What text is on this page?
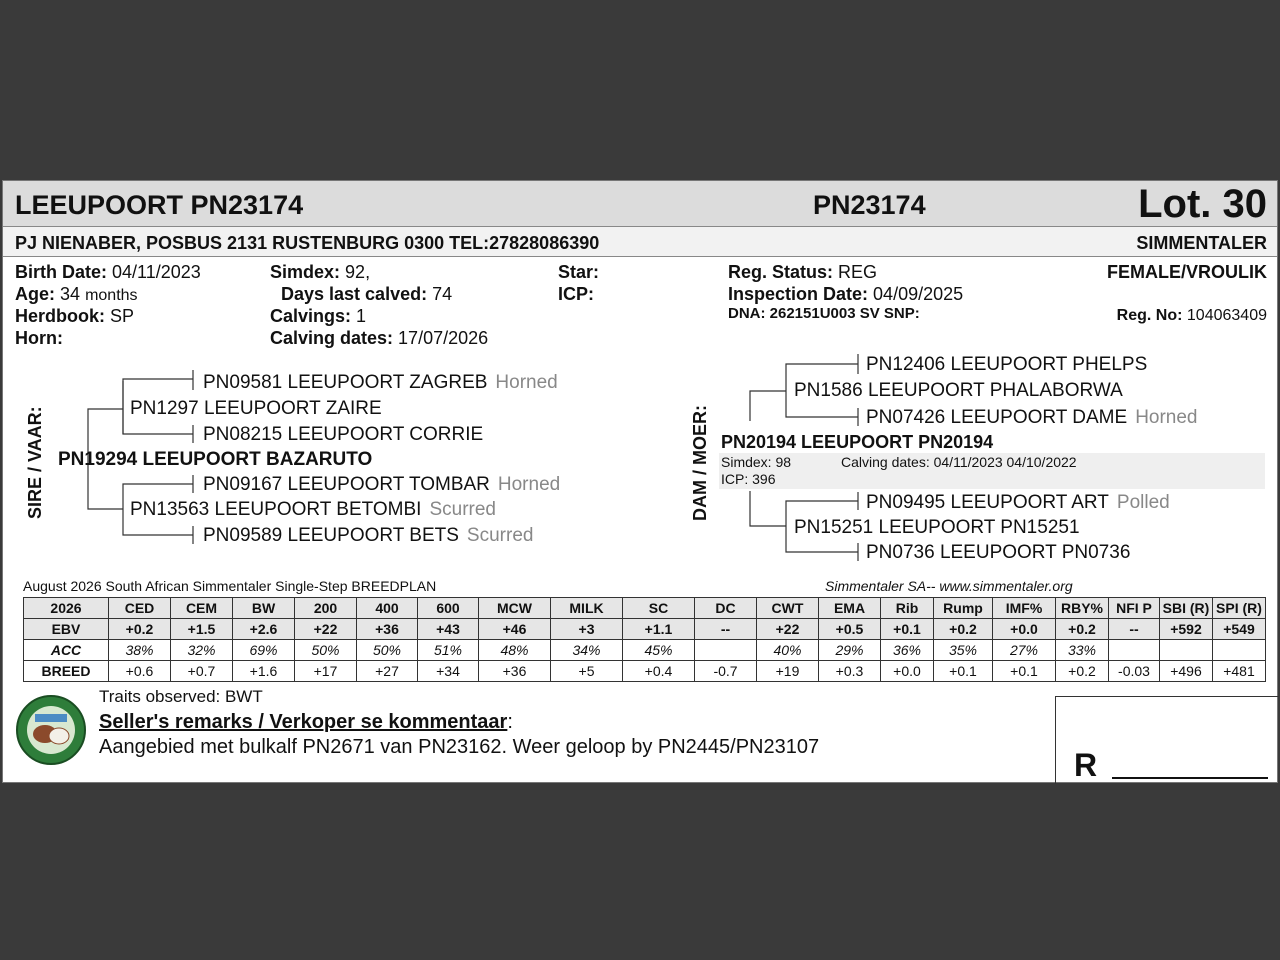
LEEUPOORT PN23174	PN23174	Lot. 30
PJ NIENABER, POSBUS 2131 RUSTENBURG 0300 TEL:27828086390	SIMMENTALER
Birth Date: 04/11/2023
Age: 34 months
Herdbook: SP
Horn:
Simdex: 92,
Days last calved: 74
Calvings: 1
Calving dates: 17/07/2026
Star:
ICP:
Reg. Status: REG
Inspection Date: 04/09/2025
DNA: 262151U003 SV SNP:
FEMALE/VROULIK
Reg. No: 104063409
SIRE / VAAR:
PN09581 LEEUPOORT ZAGREB Horned
PN1297 LEEUPOORT ZAIRE
PN08215 LEEUPOORT CORRIE
PN19294 LEEUPOORT BAZARUTO
PN09167 LEEUPOORT TOMBAR Horned
PN13563 LEEUPOORT BETOMBI Scurred
PN09589 LEEUPOORT BETS Scurred
DAM / MOER:
PN12406 LEEUPOORT PHELPS
PN1586 LEEUPOORT PHALABORWA
PN07426 LEEUPOORT DAME Horned
PN20194 LEEUPOORT PN20194
Simdex: 98	Calving dates: 04/11/2023 04/10/2022
ICP: 396
PN09495 LEEUPOORT ART Polled
PN15251 LEEUPOORT PN15251
PN0736 LEEUPOORT PN0736
August 2026 South African Simmentaler Single-Step BREEDPLAN	Simmentaler SA-- www.simmentaler.org
2026	CED	CEM	BW	200	400	600	MCW	MILK	SC	DC	CWT	EMA	Rib	Rump	IMF%	RBY%	NFI P	SBI (R)	SPI (R)
EBV	+0.2	+1.5	+2.6	+22	+36	+43	+46	+3	+1.1	--	+22	+0.5	+0.1	+0.2	+0.0	+0.2	--	+592	+549
ACC	38%	32%	69%	50%	50%	51%	48%	34%	45%		40%	29%	36%	35%	27%	33%			
BREED	+0.6	+0.7	+1.6	+17	+27	+34	+36	+5	+0.4	-0.7	+19	+0.3	+0.0	+0.1	+0.1	+0.2	-0.03	+496	+481
Traits observed: BWT
Seller's remarks / Verkoper se kommentaar:
Aangebied met bulkalf PN2671 van PN23162. Weer geloop by PN2445/PN23107	R
